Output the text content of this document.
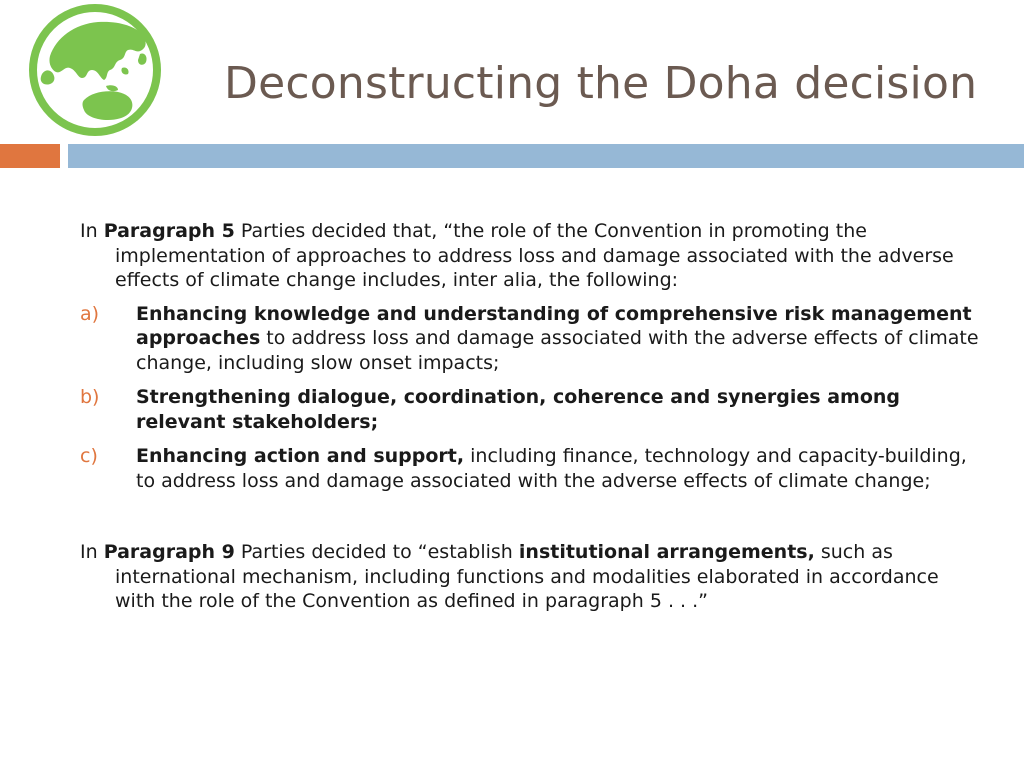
Deconstructing the Doha decision

In Paragraph 5 Parties decided that, “the role of the Convention in promoting the implementation of approaches to address loss and damage associated with the adverse effects of climate change includes, inter alia, the following:

a) Enhancing knowledge and understanding of comprehensive risk management approaches to address loss and damage associated with the adverse effects of climate change, including slow onset impacts;
b) Strengthening dialogue, coordination, coherence and synergies among relevant stakeholders;
c) Enhancing action and support, including finance, technology and capacity-building, to address loss and damage associated with the adverse effects of climate change;

In Paragraph 9 Parties decided to “establish institutional arrangements, such as international mechanism, including functions and modalities elaborated in accordance with the role of the Convention as defined in paragraph 5 . . .”
